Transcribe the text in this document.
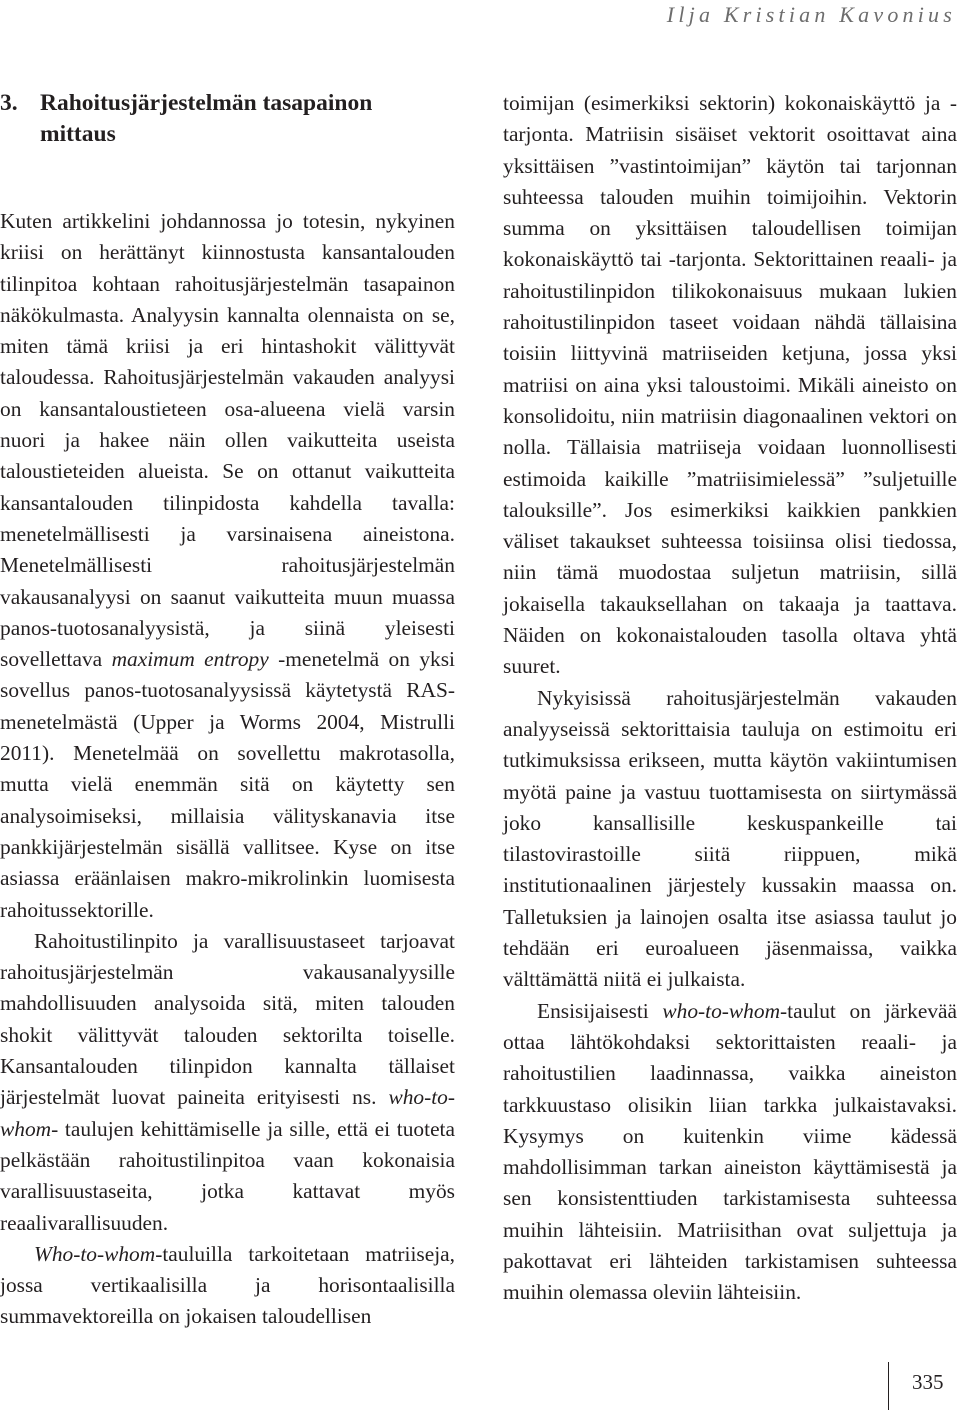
Ilja Kristian Kavonius
3. Rahoitusjärjestelmän tasapainon mittaus

Kuten artikkelini johdannossa jo totesin, nykyinen kriisi on herättänyt kiinnostusta kansantalouden tilinpitoa kohtaan rahoitusjärjestelmän tasapainon näkökulmasta. Analyysin kannalta olennaista on se, miten tämä kriisi ja eri hintashokit välittyvät taloudessa. Rahoitusjärjestelmän vakauden analyysi on kansantaloustieteen osa-alueena vielä varsin nuori ja hakee näin ollen vaikutteita useista taloustieteiden alueista. Se on ottanut vaikutteita kansantalouden tilinpidosta kahdella tavalla: menetelmällisesti ja varsinaisena aineistona. Menetelmällisesti rahoitusjärjestelmän vakausanalyysi on saanut vaikutteita muun muassa panos-tuotosanalyysistä, ja siinä yleisesti sovellettava maximum entropy -menetelmä on yksi sovellus panos-tuotosanalyysissä käytetystä RAS-menetelmästä (Upper ja Worms 2004, Mistrulli 2011). Menetelmää on sovellettu makrotasolla, mutta vielä enemmän sitä on käytetty sen analysoimiseksi, millaisia välityskanavia itse pankkijärjestelmän sisällä vallitsee. Kyse on itse asiassa eräänlaisen makro-mikrolinkin luomisesta rahoitussektorille.

Rahoitustilinpito ja varallisuustaseet tarjoavat rahoitusjärjestelmän vakausanalyysille mahdollisuuden analysoida sitä, miten talouden shokit välittyvät talouden sektorilta toiselle. Kansantalouden tilinpidon kannalta tällaiset järjestelmät luovat paineita erityisesti ns. who-to-whom- taulujen kehittämiselle ja sille, että ei tuoteta pelkästään rahoitustilinpitoa vaan kokonaisia varallisuustaseita, jotka kattavat myös reaalivarallisuuden.

Who-to-whom-tauluilla tarkoitetaan matriiseja, jossa vertikaalisilla ja horisontaalisilla summavektoreilla on jokaisen taloudellisen

toimijan (esimerkiksi sektorin) kokonaiskäyttö ja -tarjonta. Matriisin sisäiset vektorit osoittavat aina yksittäisen ”vastintoimijan” käytön tai tarjonnan suhteessa talouden muihin toimijoihin. Vektorin summa on yksittäisen taloudellisen toimijan kokonaiskäyttö tai -tarjonta. Sektorittainen reaali- ja rahoitustilinpidon tilikokonaisuus mukaan lukien rahoitustilinpidon taseet voidaan nähdä tällaisina toisiin liittyvinä matriiseiden ketjuna, jossa yksi matriisi on aina yksi taloustoimi. Mikäli aineisto on konsolidoitu, niin matriisin diagonaalinen vektori on nolla. Tällaisia matriiseja voidaan luonnollisesti estimoida kaikille ”matriisimielessä” ”suljetuille talouksille”. Jos esimerkiksi kaikkien pankkien väliset takaukset suhteessa toisiinsa olisi tiedossa, niin tämä muodostaa suljetun matriisin, sillä jokaisella takauksellahan on takaaja ja taattava. Näiden on kokonaistalouden tasolla oltava yhtä suuret.

Nykyisissä rahoitusjärjestelmän vakauden analyyseissä sektorittaisia tauluja on estimoitu eri tutkimuksissa erikseen, mutta käytön vakiintumisen myötä paine ja vastuu tuottamisesta on siirtymässä joko kansallisille keskuspankeille tai tilastovirastoille siitä riippuen, mikä institutionaalinen järjestely kussakin maassa on. Talletuksien ja lainojen osalta itse asiassa taulut jo tehdään eri euroalueen jäsenmaissa, vaikka välttämättä niitä ei julkaista.

Ensisijaisesti who-to-whom-taulut on järkevää ottaa lähtökohdaksi sektorittaisten reaali- ja rahoitustilien laadinnassa, vaikka aineiston tarkkuustaso olisikin liian tarkka julkaistavaksi. Kysymys on kuitenkin viime kädessä mahdollisimman tarkan aineiston käyttämisestä ja sen konsistenttiuden tarkistamisesta suhteessa muihin lähteisiin. Matriisithan ovat suljettuja ja pakottavat eri lähteiden tarkistamisen suhteessa muihin olemassa oleviin lähteisiin.

335
